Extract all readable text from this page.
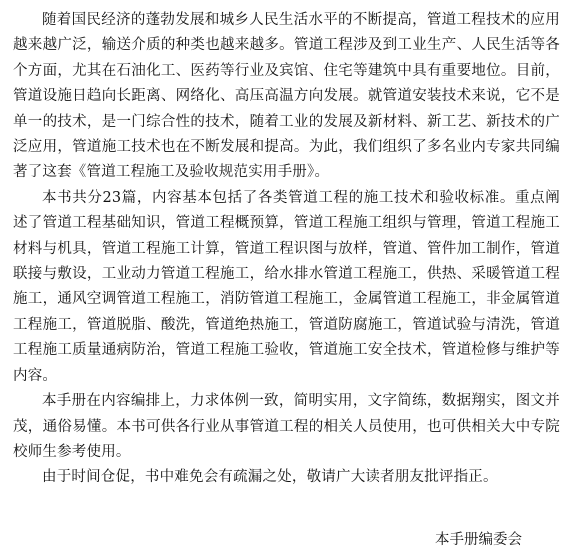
随着国民经济的蓬勃发展和城乡人民生活水平的不断提高，管道工程技术的应用越来越广泛，输送介质的种类也越来越多。管道工程涉及到工业生产、人民生活等各个方面，尤其在石油化工、医药等行业及宾馆、住宅等建筑中具有重要地位。目前，管道设施日趋向长距离、网络化、高压高温方向发展。就管道安装技术来说，它不是单一的技术，是一门综合性的技术，随着工业的发展及新材料、新工艺、新技术的广泛应用，管道施工技术也在不断发展和提高。为此，我们组织了多名业内专家共同编著了这套《管道工程施工及验收规范实用手册》。

本书共分23篇，内容基本包括了各类管道工程的施工技术和验收标准。重点阐述了管道工程基础知识，管道工程概预算，管道工程施工组织与管理，管道工程施工材料与机具，管道工程施工计算，管道工程识图与放样，管道、管件加工制作，管道联接与敷设，工业动力管道工程施工，给水排水管道工程施工，供热、采暖管道工程施工，通风空调管道工程施工，消防管道工程施工，金属管道工程施工，非金属管道工程施工，管道脱脂、酸洗，管道绝热施工，管道防腐施工，管道试验与清洗，管道工程施工质量通病防治，管道工程施工验收，管道施工安全技术，管道检修与维护等内容。

本手册在内容编排上，力求体例一致，简明实用，文字简练，数据翔实，图文并茂，通俗易懂。本书可供各行业从事管道工程的相关人员使用，也可供相关大中专院校师生参考使用。

由于时间仓促，书中难免会有疏漏之处，敬请广大读者朋友批评指正。

本手册编委会
